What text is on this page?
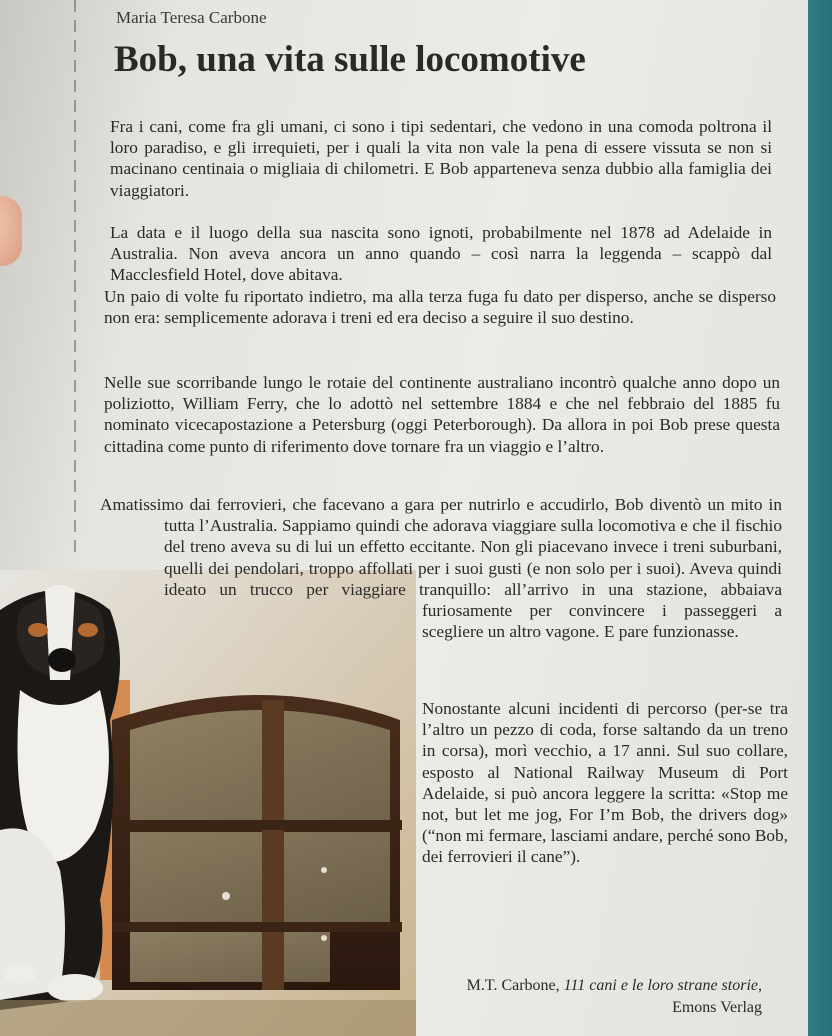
Maria Teresa Carbone
Bob, una vita sulle locomotive

Fra i cani, come fra gli umani, ci sono i tipi sedentari, che vedono in una comoda poltrona il loro paradiso, e gli irrequieti, per i quali la vita non vale la pena di essere vissuta se non si macinano centinaia o migliaia di chilometri. E Bob apparteneva senza dubbio alla famiglia dei viaggiatori.

La data e il luogo della sua nascita sono ignoti, probabilmente nel 1878 ad Adelaide in Australia. Non aveva ancora un anno quando – così narra la leggenda – scappò dal Macclesfield Hotel, dove abitava.

Un paio di volte fu riportato indietro, ma alla terza fuga fu dato per disperso, anche se disperso non era: semplicemente adorava i treni ed era deciso a seguire il suo destino.

Nelle sue scorribande lungo le rotaie del continente australiano incontrò qualche anno dopo un poliziotto, William Ferry, che lo adottò nel settembre 1884 e che nel febbraio del 1885 fu nominato vicecapostazione a Petersburg (oggi Peterborough). Da allora in poi Bob prese questa cittadina come punto di riferimento dove tornare fra un viaggio e l’altro.

Amatissimo dai ferrovieri, che facevano a gara per nutrirlo e accudirlo, Bob diventò un mito in tutta l’Australia. Sappiamo quindi che adorava viaggiare sulla locomotiva e che il fischio del treno aveva su di lui un effetto eccitante. Non gli piacevano invece i treni suburbani, quelli dei pendolari, troppo affollati per i suoi gusti (e non solo per i suoi). Aveva quindi ideato un trucco per viaggiare tranquillo: all’arrivo in una stazione, abbaiava furiosamente per convincere i passeggeri a scegliere un altro vagone. E pare funzionasse.

Nonostante alcuni incidenti di percorso (per-se tra l’altro un pezzo di coda, forse saltando da un treno in corsa), morì vecchio, a 17 anni. Sul suo collare, esposto al National Railway Museum di Port Adelaide, si può ancora leggere la scritta: «Stop me not, but let me jog, For I’m Bob, the drivers dog» (“non mi fermare, lasciami andare, perché sono Bob, dei ferrovieri il cane”).

M.T. Carbone, 111 cani e le loro strane storie,
Emons Verlag
